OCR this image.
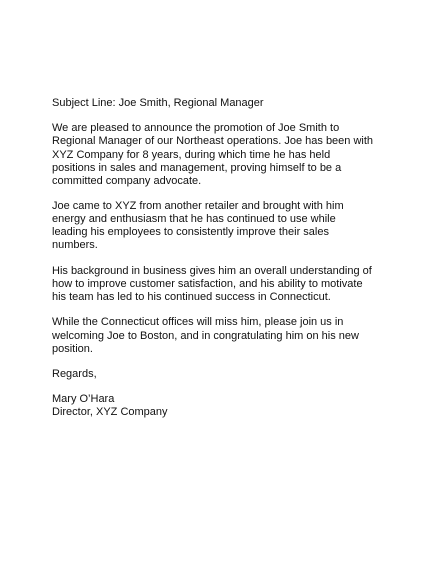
Subject Line: Joe Smith, Regional Manager

We are pleased to announce the promotion of Joe Smith to

Regional Manager of our Northeast operations. Joe has been with

XYZ Company for 8 years, during which time he has held

positions in sales and management, proving himself to be a

committed company advocate.

Joe came to XYZ from another retailer and brought with him

energy and enthusiasm that he has continued to use while

leading his employees to consistently improve their sales

numbers.

His background in business gives him an overall understanding of

how to improve customer satisfaction, and his ability to motivate

his team has led to his continued success in Connecticut.

While the Connecticut offices will miss him, please join us in

welcoming Joe to Boston, and in congratulating him on his new

position.

Regards,

Mary O’Hara

Director, XYZ Company
